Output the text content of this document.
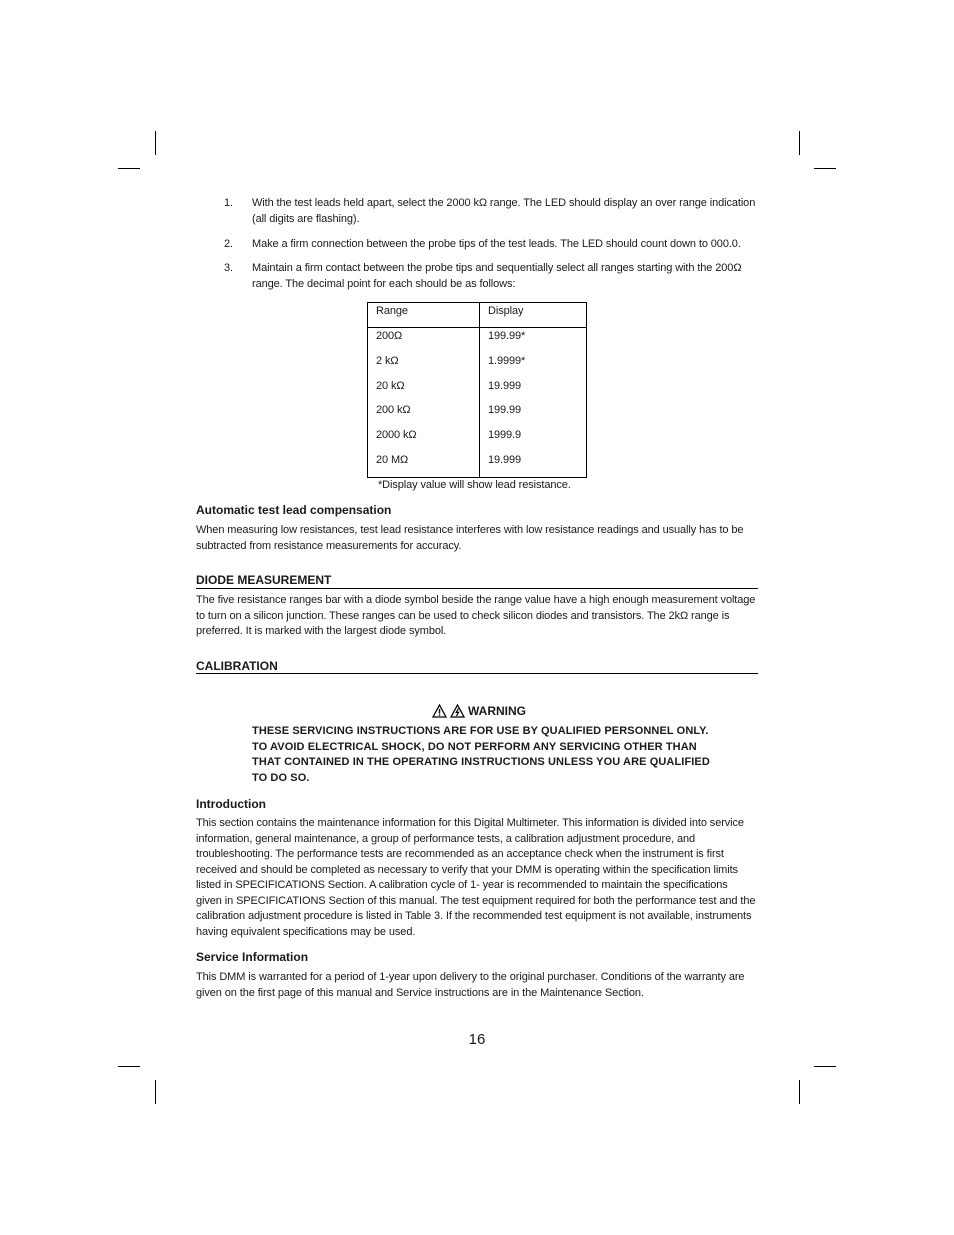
1. With the test leads held apart, select the 2000 kΩ range. The LED should display an over range indication (all digits are flashing).
2. Make a firm connection between the probe tips of the test leads. The LED should count down to 000.0.
3. Maintain a firm contact between the probe tips and sequentially select all ranges starting with the 200Ω range. The decimal point for each should be as follows:
Range	Display
200Ω	199.99*
2 kΩ	1.9999*
20 kΩ	19.999
200 kΩ	199.99
2000 kΩ	1999.9
20 MΩ	19.999
*Display value will show lead resistance.
Automatic test lead compensation
When measuring low resistances, test lead resistance interferes with low resistance readings and usually has to be subtracted from resistance measurements for accuracy.
DIODE MEASUREMENT
The five resistance ranges bar with a diode symbol beside the range value have a high enough measurement voltage to turn on a silicon junction. These ranges can be used to check silicon diodes and transistors. The 2kΩ range is preferred. It is marked with the largest diode symbol.
CALIBRATION
WARNING
THESE SERVICING INSTRUCTIONS ARE FOR USE BY QUALIFIED PERSONNEL ONLY. TO AVOID ELECTRICAL SHOCK, DO NOT PERFORM ANY SERVICING OTHER THAN THAT CONTAINED IN THE OPERATING INSTRUCTIONS UNLESS YOU ARE QUALIFIED TO DO SO.
Introduction
This section contains the maintenance information for this Digital Multimeter. This information is divided into service information, general maintenance, a group of performance tests, a calibration adjustment procedure, and troubleshooting. The performance tests are recommended as an acceptance check when the instrument is first received and should be completed as necessary to verify that your DMM is operating within the specification limits listed in SPECIFICATIONS Section. A calibration cycle of 1- year is recommended to maintain the specifications given in SPECIFICATIONS Section of this manual. The test equipment required for both the performance test and the calibration adjustment procedure is listed in Table 3. If the recommended test equipment is not available, instruments having equivalent specifications may be used.
Service Information
This DMM is warranted for a period of 1-year upon delivery to the original purchaser. Conditions of the warranty are given on the first page of this manual and Service instructions are in the Maintenance Section.
16
